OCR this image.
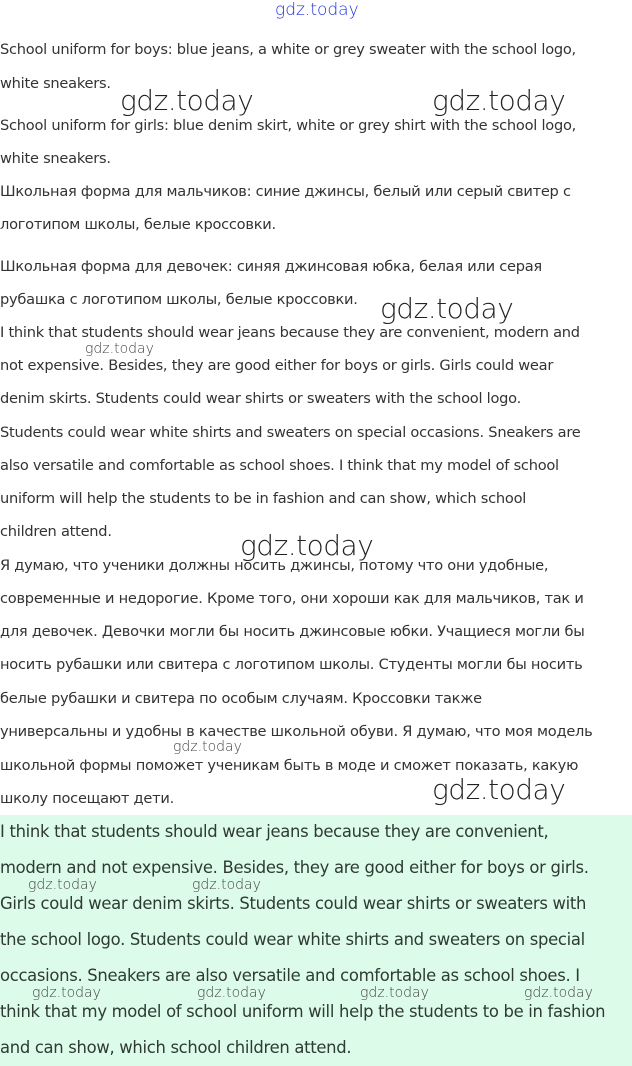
School uniform for boys: blue jeans, a white or grey sweater with the school logo,
white sneakers.
School uniform for girls: blue denim skirt, white or grey shirt with the school logo,
white sneakers.
Школьная форма для мальчиков: синие джинсы, белый или серый свитер с
логотипом школы, белые кроссовки.
Школьная форма для девочек: синяя джинсовая юбка, белая или серая
рубашка с логотипом школы, белые кроссовки.
I think that students should wear jeans because they are convenient, modern and
not expensive. Besides, they are good either for boys or girls. Girls could wear
denim skirts. Students could wear shirts or sweaters with the school logo.
Students could wear white shirts and sweaters on special occasions. Sneakers are
also versatile and comfortable as school shoes. I think that my model of school
uniform will help the students to be in fashion and can show, which school
children attend.
Я думаю, что ученики должны носить джинсы, потому что они удобные,
современные и недорогие. Кроме того, они хороши как для мальчиков, так и
для девочек. Девочки могли бы носить джинсовые юбки. Учащиеся могли бы
носить рубашки или свитера с логотипом школы. Студенты могли бы носить
белые рубашки и свитера по особым случаям. Кроссовки также
универсальны и удобны в качестве школьной обуви. Я думаю, что моя модель
школьной формы поможет ученикам быть в моде и сможет показать, какую
школу посещают дети.
I think that students should wear jeans because they are convenient,
modern and not expensive. Besides, they are good either for boys or girls.
Girls could wear denim skirts. Students could wear shirts or sweaters with
the school logo. Students could wear white shirts and sweaters on special
occasions. Sneakers are also versatile and comfortable as school shoes. I
think that my model of school uniform will help the students to be in fashion
and can show, which school children attend.
gdz.today
gdz.today	gdz.today
gdz.today
gdz.today
gdz.today
gdz.today
gdz.today
gdz.today	gdz.today
gdz.today	gdz.today	gdz.today	gdz.today
